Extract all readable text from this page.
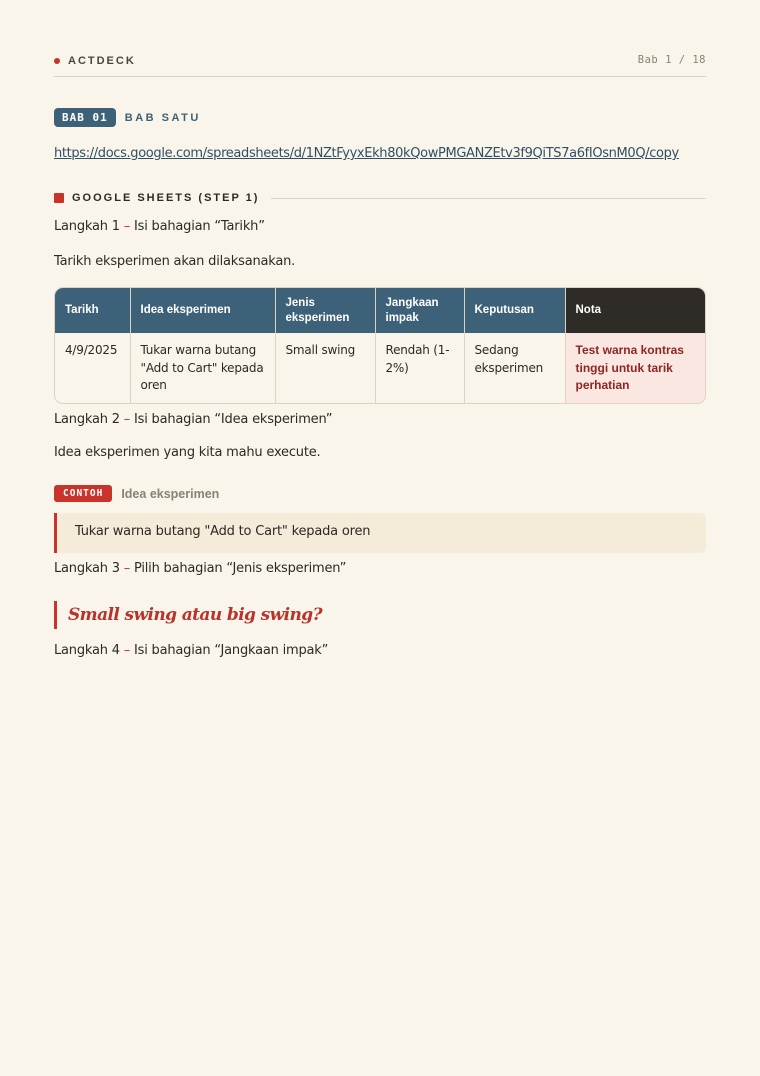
ACTDECK	Bab 1 / 18
BAB 01	BAB SATU
https://docs.google.com/spreadsheets/d/1NZtFyyxEkh80kQowPMGANZEtv3f9QiTS7a6fIOsnM0Q/copy
GOOGLE SHEETS (STEP 1)
Langkah 1 – Isi bahagian “Tarikh”
Tarikh eksperimen akan dilaksanakan.
Tarikh	Idea eksperimen	Jenis eksperimen	Jangkaan impak	Keputusan	Nota
4/9/2025	Tukar warna butang "Add to Cart" kepada oren	Small swing	Rendah (1-2%)	Sedang eksperimen	Test warna kontras tinggi untuk tarik perhatian
Langkah 2 – Isi bahagian “Idea eksperimen”
Idea eksperimen yang kita mahu execute.
CONTOH	Idea eksperimen
Tukar warna butang "Add to Cart" kepada oren
Langkah 3 – Pilih bahagian “Jenis eksperimen”
Small swing atau big swing?
Langkah 4 – Isi bahagian “Jangkaan impak”
